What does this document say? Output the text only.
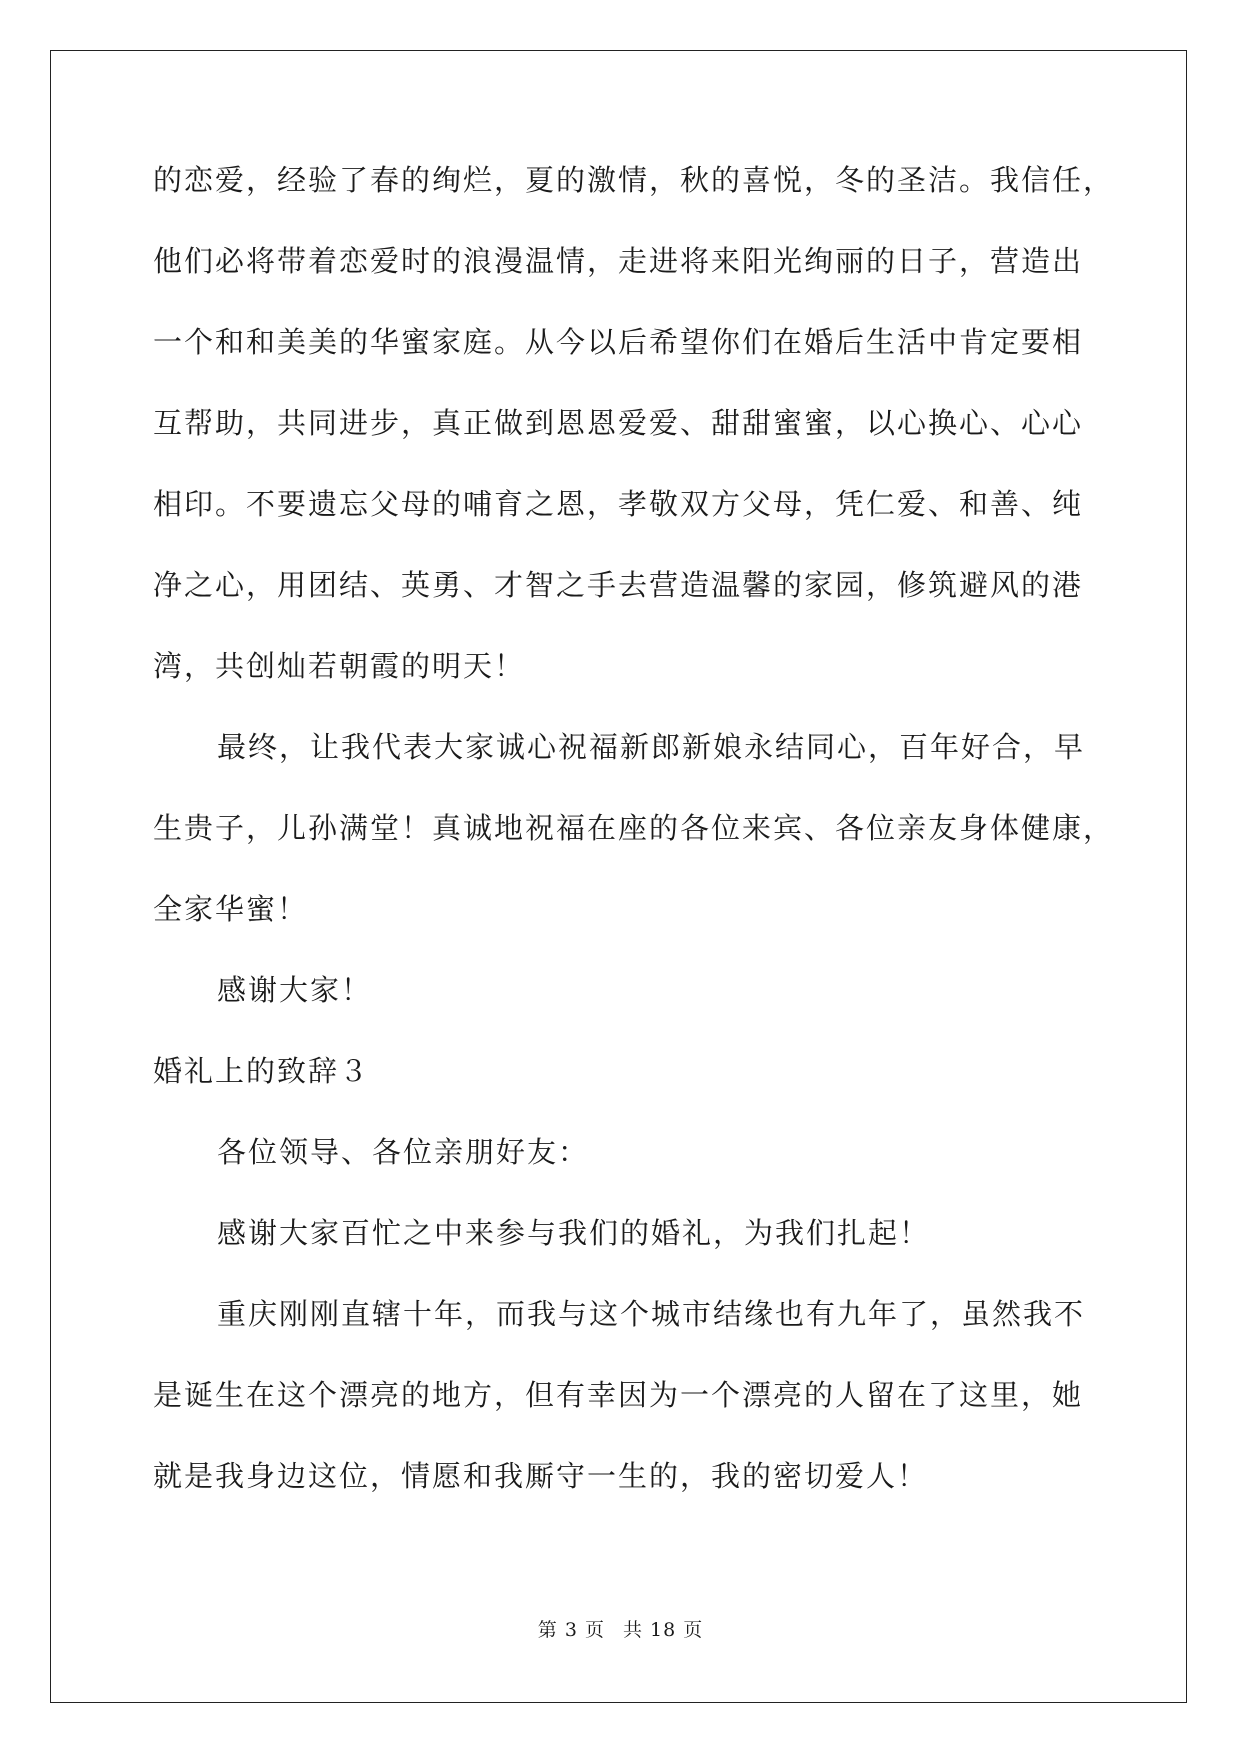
的恋爱，经验了春的绚烂，夏的激情，秋的喜悦，冬的圣洁。我信任，
他们必将带着恋爱时的浪漫温情，走进将来阳光绚丽的日子，营造出
一个和和美美的华蜜家庭。从今以后希望你们在婚后生活中肯定要相
互帮助，共同进步，真正做到恩恩爱爱、甜甜蜜蜜，以心换心、心心
相印。不要遗忘父母的哺育之恩，孝敬双方父母，凭仁爱、和善、纯
净之心，用团结、英勇、才智之手去营造温馨的家园，修筑避风的港
湾，共创灿若朝霞的明天！
最终，让我代表大家诚心祝福新郎新娘永结同心，百年好合，早
生贵子，儿孙满堂！真诚地祝福在座的各位来宾、各位亲友身体健康，
全家华蜜！
感谢大家！
婚礼上的致辞３
各位领导、各位亲朋好友：
感谢大家百忙之中来参与我们的婚礼，为我们扎起！
重庆刚刚直辖十年，而我与这个城市结缘也有九年了，虽然我不
是诞生在这个漂亮的地方，但有幸因为一个漂亮的人留在了这里，她
就是我身边这位，情愿和我厮守一生的，我的密切爱人！
第 3 页 共 18 页
